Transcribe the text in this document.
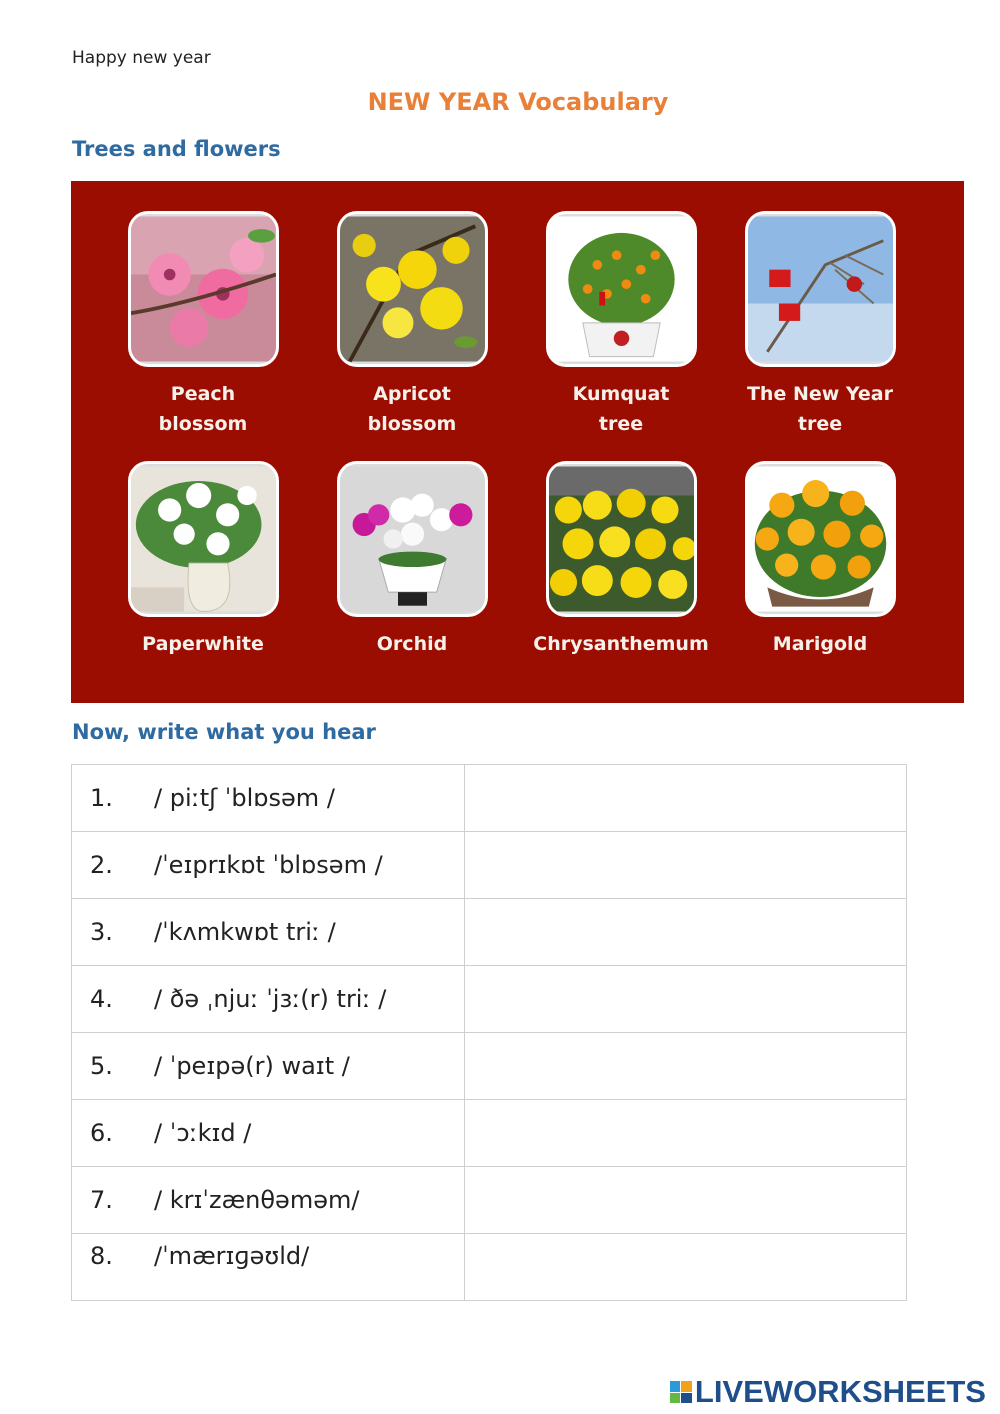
Happy new year
NEW YEAR Vocabulary
Trees and flowers
Peach
blossom
Apricot
blossom
Kumquat
tree
The New Year
tree
Paperwhite	Orchid	Chrysanthemum	Marigold
Now, write what you hear
1. / piːtʃ ˈblɒsəm /	
2. /ˈeɪprɪkɒt ˈblɒsəm /	
3. /ˈkʌmkwɒt triː /	
4. / ðə ˌnjuː ˈjɜː(r) triː /	
5. / ˈpeɪpə(r) waɪt /	
6. / ˈɔːkɪd /	
7. / krɪˈzænθəməm/	

8. /ˈmærɪɡəʊld/	

LIVEWORKSHEETS
